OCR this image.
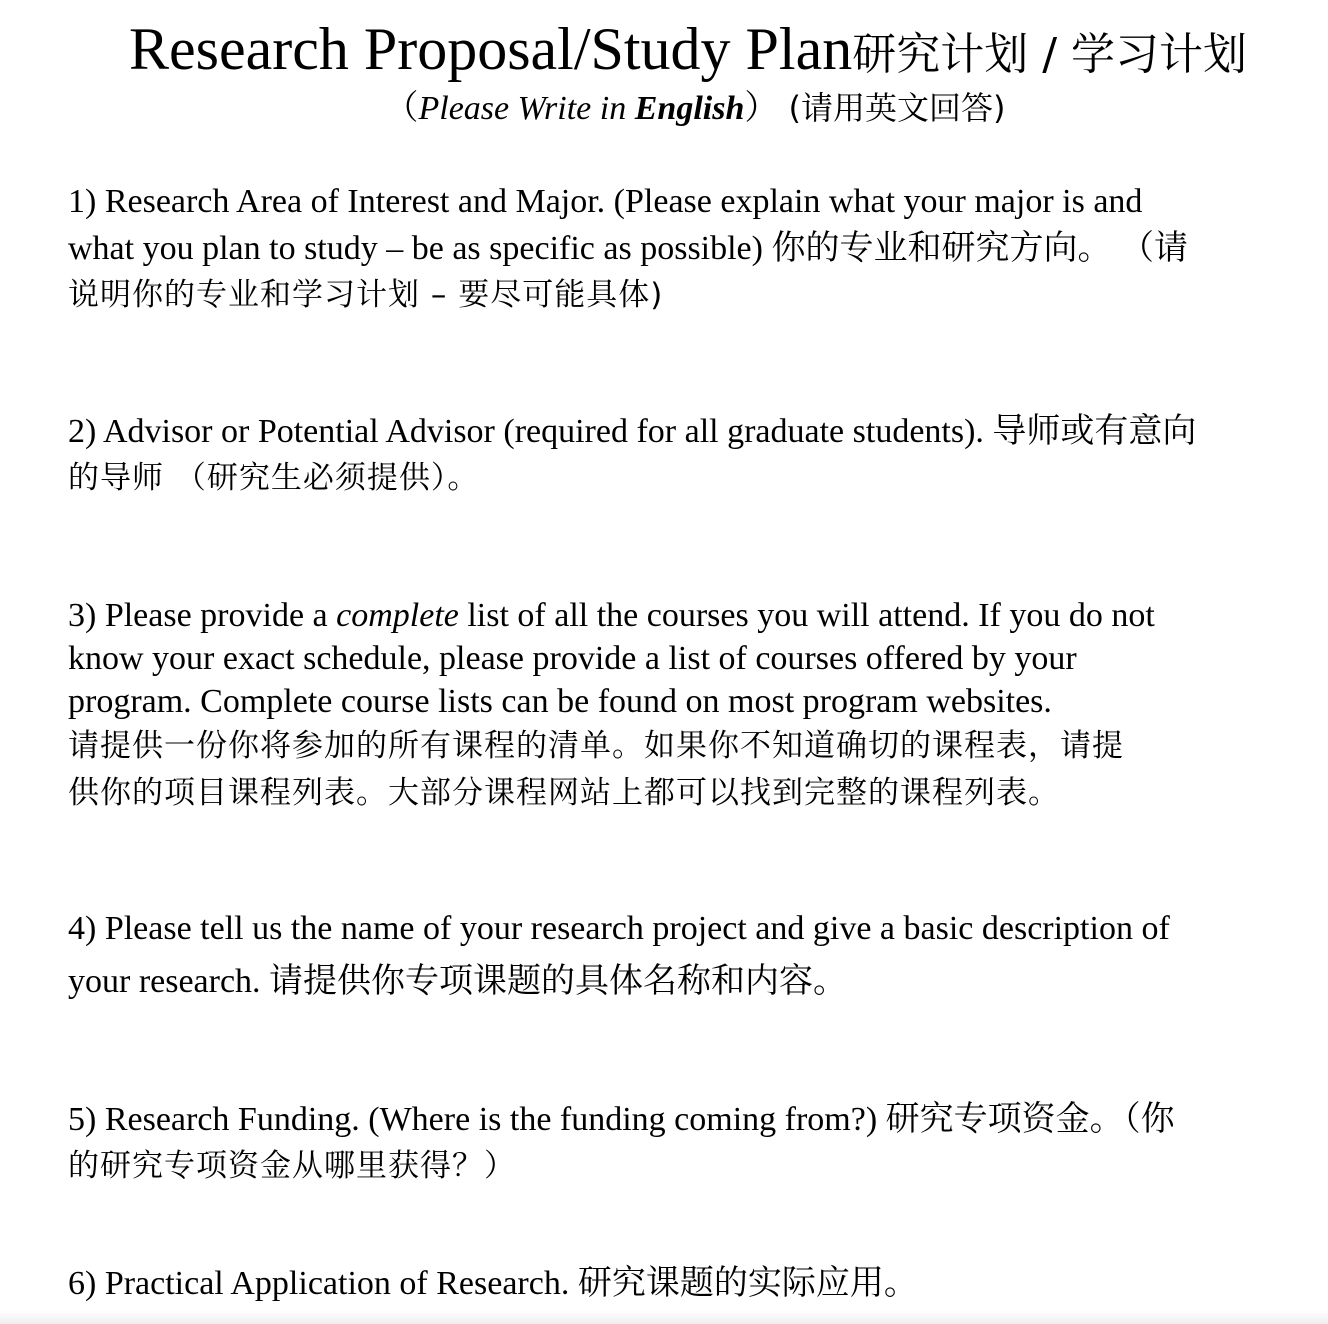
Research Proposal/Study Plan研究计划 / 学习计划
（Please Write in English） (请用英文回答)
1) Research Area of Interest and Major. (Please explain what your major is and
what you plan to study – be as specific as possible) 你的专业和研究方向。 （请
说明你的专业和学习计划 – 要尽可能具体)
2) Advisor or Potential Advisor (required for all graduate students). 导师或有意向
的导师 （研究生必须提供）。
3) Please provide a complete list of all the courses you will attend. If you do not
know your exact schedule, please provide a list of courses offered by your
program. Complete course lists can be found on most program websites.
请提供一份你将参加的所有课程的清单。如果你不知道确切的课程表，请提
供你的项目课程列表。大部分课程网站上都可以找到完整的课程列表。
4) Please tell us the name of your research project and give a basic description of
your research. 请提供你专项课题的具体名称和内容。
5) Research Funding. (Where is the funding coming from?) 研究专项资金。（你
的研究专项资金从哪里获得？）
6) Practical Application of Research. 研究课题的实际应用。
